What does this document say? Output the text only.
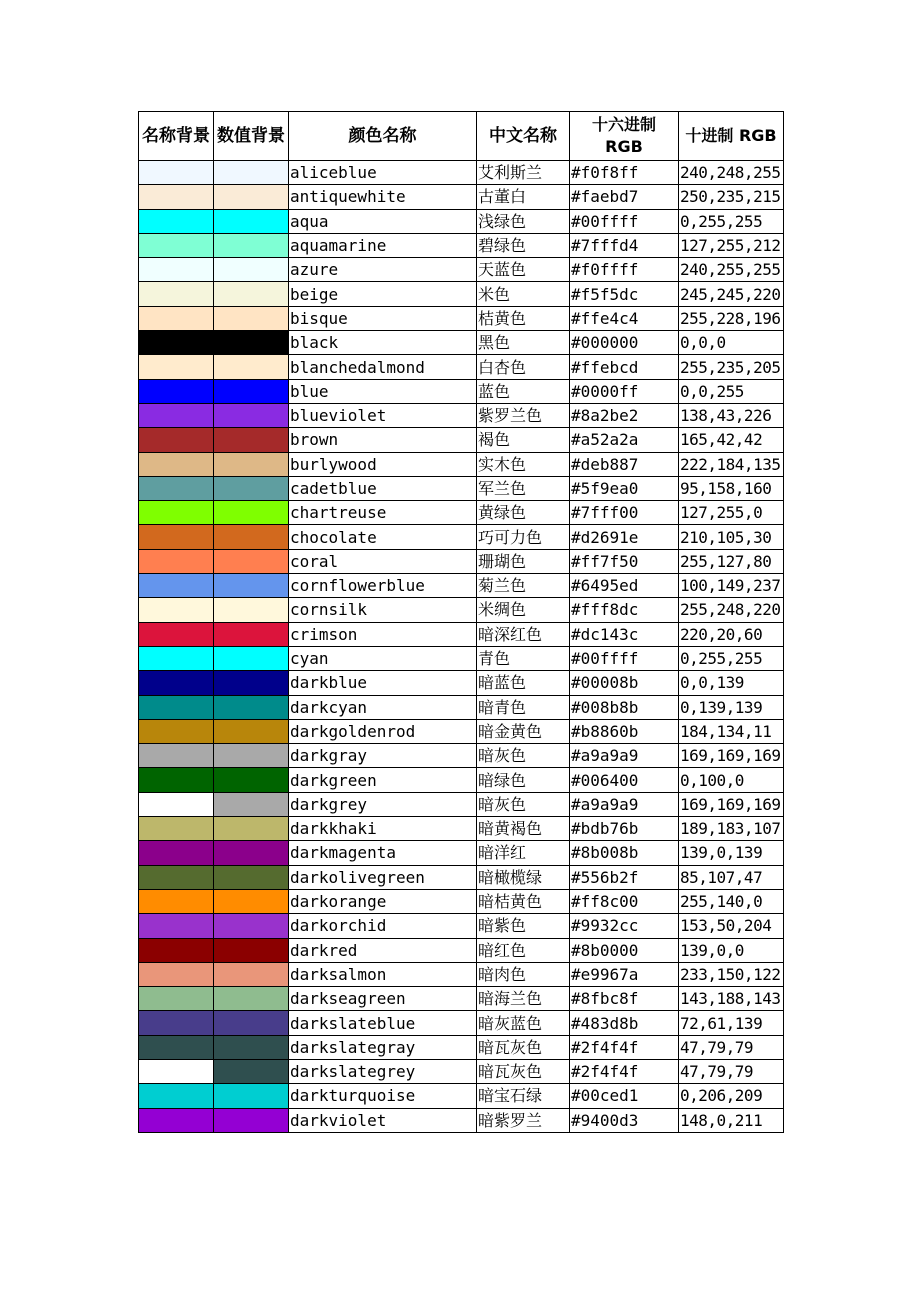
名称背景	数值背景	颜色名称	中文名称	十六进制 RGB	十进制 RGB
		aliceblue	艾利斯兰	#f0f8ff	240,248,255
		antiquewhite	古董白	#faebd7	250,235,215
		aqua	浅绿色	#00ffff	0,255,255
		aquamarine	碧绿色	#7fffd4	127,255,212
		azure	天蓝色	#f0ffff	240,255,255
		beige	米色	#f5f5dc	245,245,220
		bisque	桔黄色	#ffe4c4	255,228,196
		black	黑色	#000000	0,0,0
		blanchedalmond	白杏色	#ffebcd	255,235,205
		blue	蓝色	#0000ff	0,0,255
		blueviolet	紫罗兰色	#8a2be2	138,43,226
		brown	褐色	#a52a2a	165,42,42
		burlywood	实木色	#deb887	222,184,135
		cadetblue	军兰色	#5f9ea0	95,158,160
		chartreuse	黄绿色	#7fff00	127,255,0
		chocolate	巧可力色	#d2691e	210,105,30
		coral	珊瑚色	#ff7f50	255,127,80
		cornflowerblue	菊兰色	#6495ed	100,149,237
		cornsilk	米绸色	#fff8dc	255,248,220
		crimson	暗深红色	#dc143c	220,20,60
		cyan	青色	#00ffff	0,255,255
		darkblue	暗蓝色	#00008b	0,0,139
		darkcyan	暗青色	#008b8b	0,139,139
		darkgoldenrod	暗金黄色	#b8860b	184,134,11
		darkgray	暗灰色	#a9a9a9	169,169,169
		darkgreen	暗绿色	#006400	0,100,0
		darkgrey	暗灰色	#a9a9a9	169,169,169
		darkkhaki	暗黄褐色	#bdb76b	189,183,107
		darkmagenta	暗洋红	#8b008b	139,0,139
		darkolivegreen	暗橄榄绿	#556b2f	85,107,47
		darkorange	暗桔黄色	#ff8c00	255,140,0
		darkorchid	暗紫色	#9932cc	153,50,204
		darkred	暗红色	#8b0000	139,0,0
		darksalmon	暗肉色	#e9967a	233,150,122
		darkseagreen	暗海兰色	#8fbc8f	143,188,143
		darkslateblue	暗灰蓝色	#483d8b	72,61,139
		darkslategray	暗瓦灰色	#2f4f4f	47,79,79
		darkslategrey	暗瓦灰色	#2f4f4f	47,79,79
		darkturquoise	暗宝石绿	#00ced1	0,206,209
		darkviolet	暗紫罗兰	#9400d3	148,0,211
